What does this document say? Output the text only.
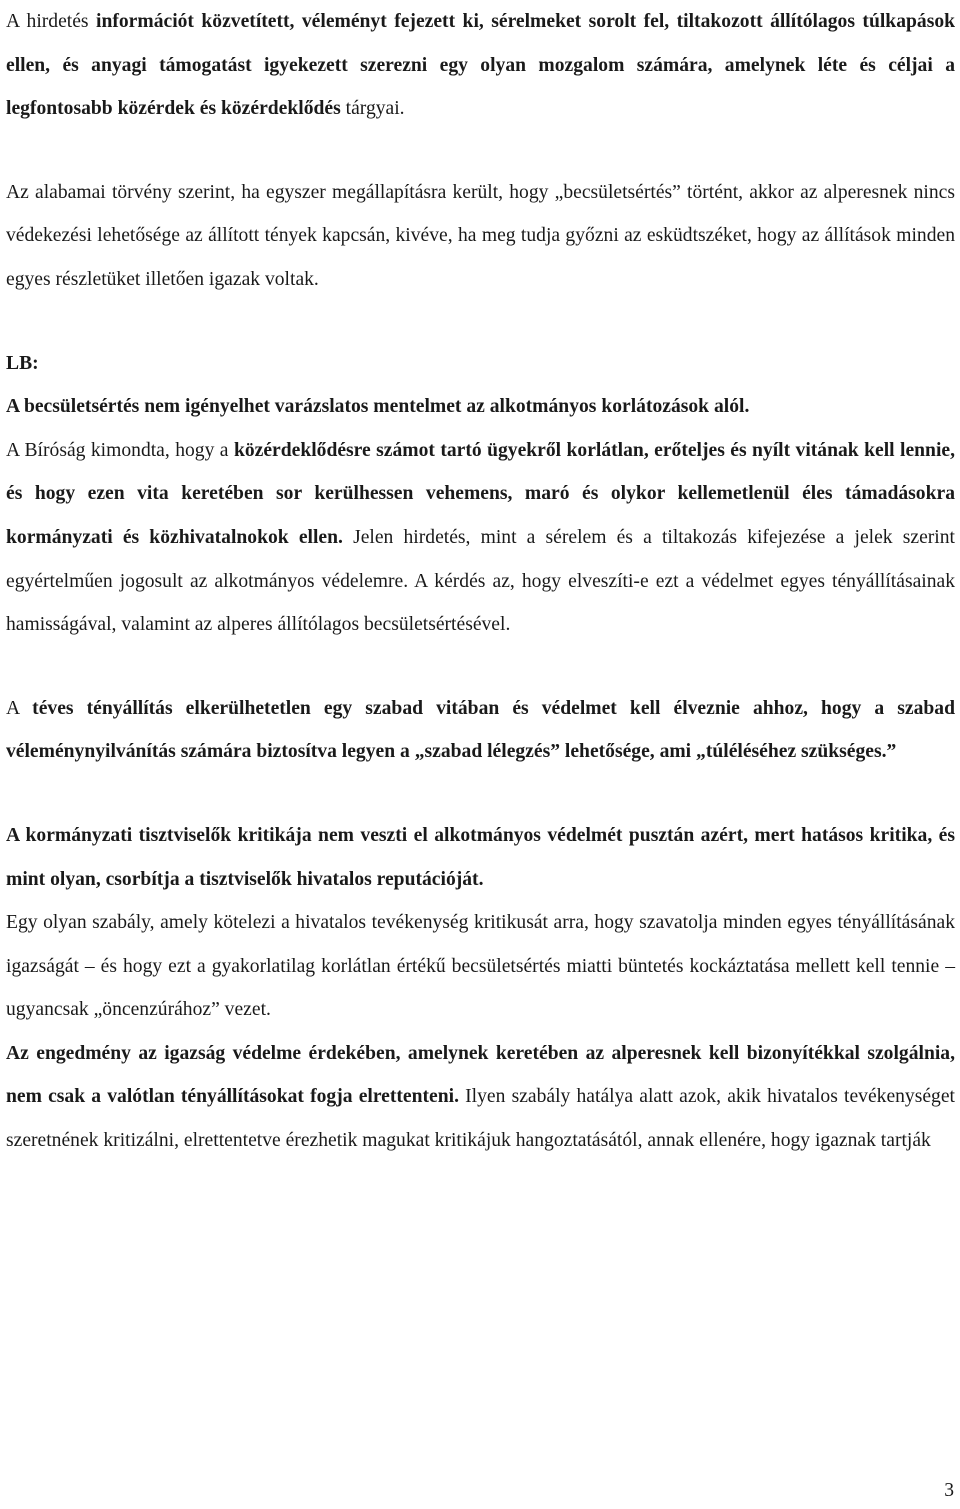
A hirdetés információt közvetített, véleményt fejezett ki, sérelmeket sorolt fel, tiltakozott állítólagos túlkapások ellen, és anyagi támogatást igyekezett szerezni egy olyan mozgalom számára, amelynek léte és céljai a legfontosabb közérdek és közérdeklődés tárgyai.

Az alabamai törvény szerint, ha egyszer megállapításra került, hogy „becsületsértés” történt, akkor az alperesnek nincs védekezési lehetősége az állított tények kapcsán, kivéve, ha meg tudja győzni az esküdtszéket, hogy az állítások minden egyes részletüket illetően igazak voltak.

LB:

A becsületsértés nem igényelhet varázslatos mentelmet az alkotmányos korlátozások alól.

A Bíróság kimondta, hogy a közérdeklődésre számot tartó ügyekről korlátlan, erőteljes és nyílt vitának kell lennie, és hogy ezen vita keretében sor kerülhessen vehemens, maró és olykor kellemetlenül éles támadásokra kormányzati és közhivatalnokok ellen. Jelen hirdetés, mint a sérelem és a tiltakozás kifejezése a jelek szerint egyértelműen jogosult az alkotmányos védelemre. A kérdés az, hogy elveszíti-e ezt a védelmet egyes tényállításainak hamisságával, valamint az alperes állítólagos becsületsértésével.

A téves tényállítás elkerülhetetlen egy szabad vitában és védelmet kell élveznie ahhoz, hogy a szabad véleménynyilvánítás számára biztosítva legyen a „szabad lélegzés” lehetősége, ami „túléléséhez szükséges.”

A kormányzati tisztviselők kritikája nem veszti el alkotmányos védelmét pusztán azért, mert hatásos kritika, és mint olyan, csorbítja a tisztviselők hivatalos reputációját.

Egy olyan szabály, amely kötelezi a hivatalos tevékenység kritikusát arra, hogy szavatolja minden egyes tényállításának igazságát – és hogy ezt a gyakorlatilag korlátlan értékű becsületsértés miatti büntetés kockáztatása mellett kell tennie – ugyancsak „öncenzúrához” vezet.

Az engedmény az igazság védelme érdekében, amelynek keretében az alperesnek kell bizonyítékkal szolgálnia, nem csak a valótlan tényállításokat fogja elrettenteni. Ilyen szabály hatálya alatt azok, akik hivatalos tevékenységet szeretnének kritizálni, elrettentetve érezhetik magukat kritikájuk hangoztatásától, annak ellenére, hogy igaznak tartják

3
